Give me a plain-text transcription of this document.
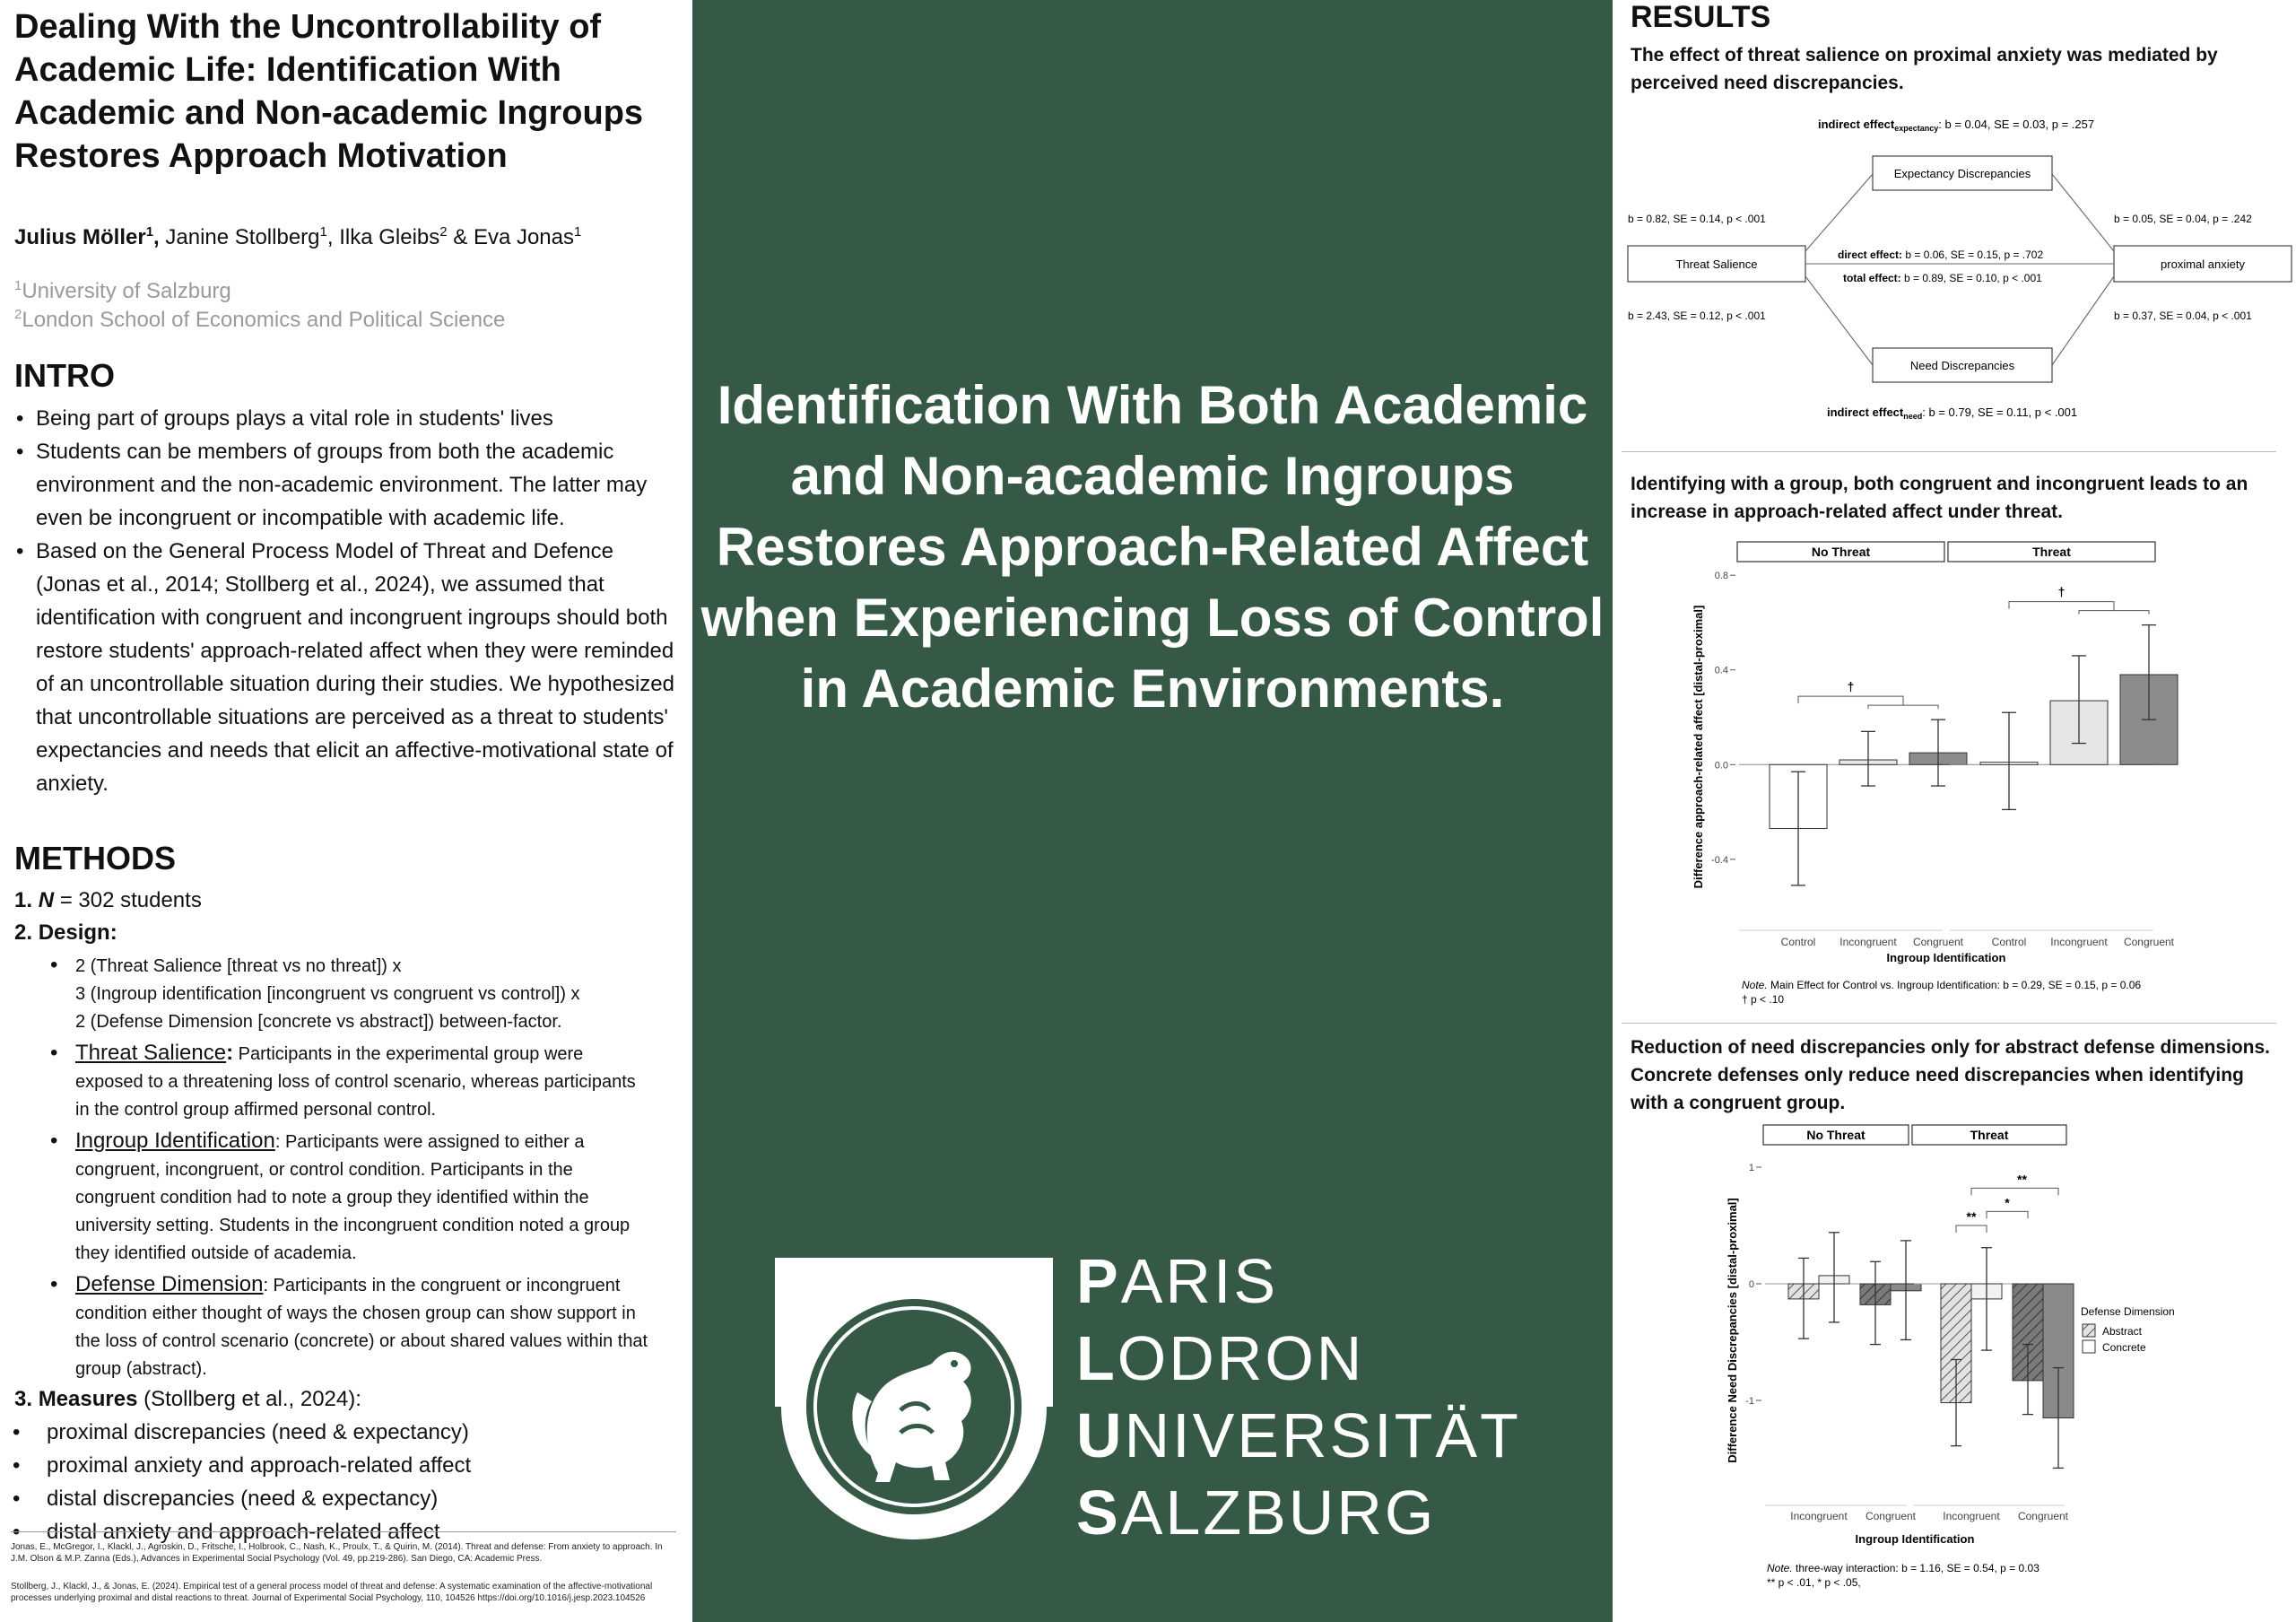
Dealing With the Uncontrollability of Academic Life: Identification With Academic and Non-academic Ingroups Restores Approach Motivation

Julius Möller$^1$, Janine Stollberg$^1$, Ilka Gleibs$^2$ & Eva Jonas$^1$

$^1$University of Salzburg

$^2$London School of Economics and Political Science

INTRO
• Being part of groups plays a vital role in students' lives
• Students can be members of groups from both the academic environment and the non-academic environment. The latter may even be incongruent or incompatible with academic life.
• Based on the General Process Model of Threat and Defence (Jonas et al., 2014; Stollberg et al., 2024), we assumed that identification with congruent and incongruent ingroups should both restore students' approach-related affect when they were reminded of an uncontrollable situation during their studies. We hypothesized that uncontrollable situations are perceived as a threat to students' expectancies and needs that elicit an affective-motivational state of anxiety.
METHODS

1. N = 302 students

2. Design:

• 2 (Threat Salience [threat vs no threat]) x
3 (Ingroup identification [incongruent vs congruent vs control]) x
2 (Defense Dimension [concrete vs abstract]) between-factor.

• Threat Salience: Participants in the experimental group were exposed to a threatening loss of control scenario, whereas participants in the control group affirmed personal control.

• Ingroup Identification: Participants were assigned to either a congruent, incongruent, or control condition. Participants in the congruent condition had to note a group they identified within the university setting. Students in the incongruent condition noted a group they identified outside of academia.

• Defense Dimension: Participants in the congruent or incongruent condition either thought of ways the chosen group can show support in the loss of control scenario (concrete) or about shared values within that group (abstract).

3. Measures (Stollberg et al., 2024):

• proximal discrepancies (need & expectancy)
• proximal anxiety and approach-related affect
• distal discrepancies (need & expectancy)
• distal anxiety and approach-related affect

Jonas, E., McGregor, I., Klackl, J., Agroskin, D., Fritsche, I., Holbrook, C., Nash, K., Proulx, T., & Quirin, M. (2014). Threat and defense: From anxiety to approach. In J.M. Olson & M.P. Zanna (Eds.), Advances in Experimental Social Psychology (Vol. 49, pp.219-286). San Diego, CA: Academic Press.

Stollberg, J., Klackl, J., & Jonas, E. (2024). Empirical test of a general process model of threat and defense: A systematic examination of the affective-motivational processes underlying proximal and distal reactions to threat. Journal of Experimental Social Psychology, 110, 104526 https://doi.org/10.1016/j.jesp.2023.104526

Identification With Both Academic and Non-academic Ingroups Restores Approach-Related Affect when Experiencing Loss of Control in Academic Environments.

PARIS

LODRON

UNIVERSITÄT

SALZBURG

RESULTS

The effect of threat salience on proximal anxiety was mediated by perceived need discrepancies.

indirect effect$_{expectancy}$: b = 0.04, SE = 0.03, p = .257
Expectancy Discrepancies
Threat Salience	proximal anxiety
Need Discrepancies
b = 0.82, SE = 0.14, p < .001	b = 0.05, SE = 0.04, p = .242
direct effect: b = 0.06, SE = 0.15, p = .702
total effect: b = 0.89, SE = 0.10, p < .001
b = 2.43, SE = 0.12, p < .001	b = 0.37, SE = 0.04, p < .001
indirect effect$_{need}$: b = 0.79, SE = 0.11, p < .001

Identifying with a group, both congruent and incongruent leads to an increase in approach-related affect under threat.

No Threat
Control Incongruent Congruent
†
Threat
Control Incongruent Congruent
†
-0.4
0.0
0.4
0.8
Difference approach-related affect [distal-proximal]
Ingroup Identification
Note. Main Effect for Control vs. Ingroup Identification: b = 0.29, SE = 0.15, p = 0.06
† p < .10

Reduction of need discrepancies only for abstract defense dimensions. Concrete defenses only reduce need discrepancies when identifying with a congruent group.

No Threat
Incongruent Congruent
Threat
Incongruent Congruent
**
*
**
-1
0
1
Difference Need Discrepancies [distal-proximal]
Ingroup Identification
Defense Dimension
Abstract
Concrete
Note. three-way interaction: b = 1.16, SE = 0.54, p = 0.03
** p < .01, * p < .05,
